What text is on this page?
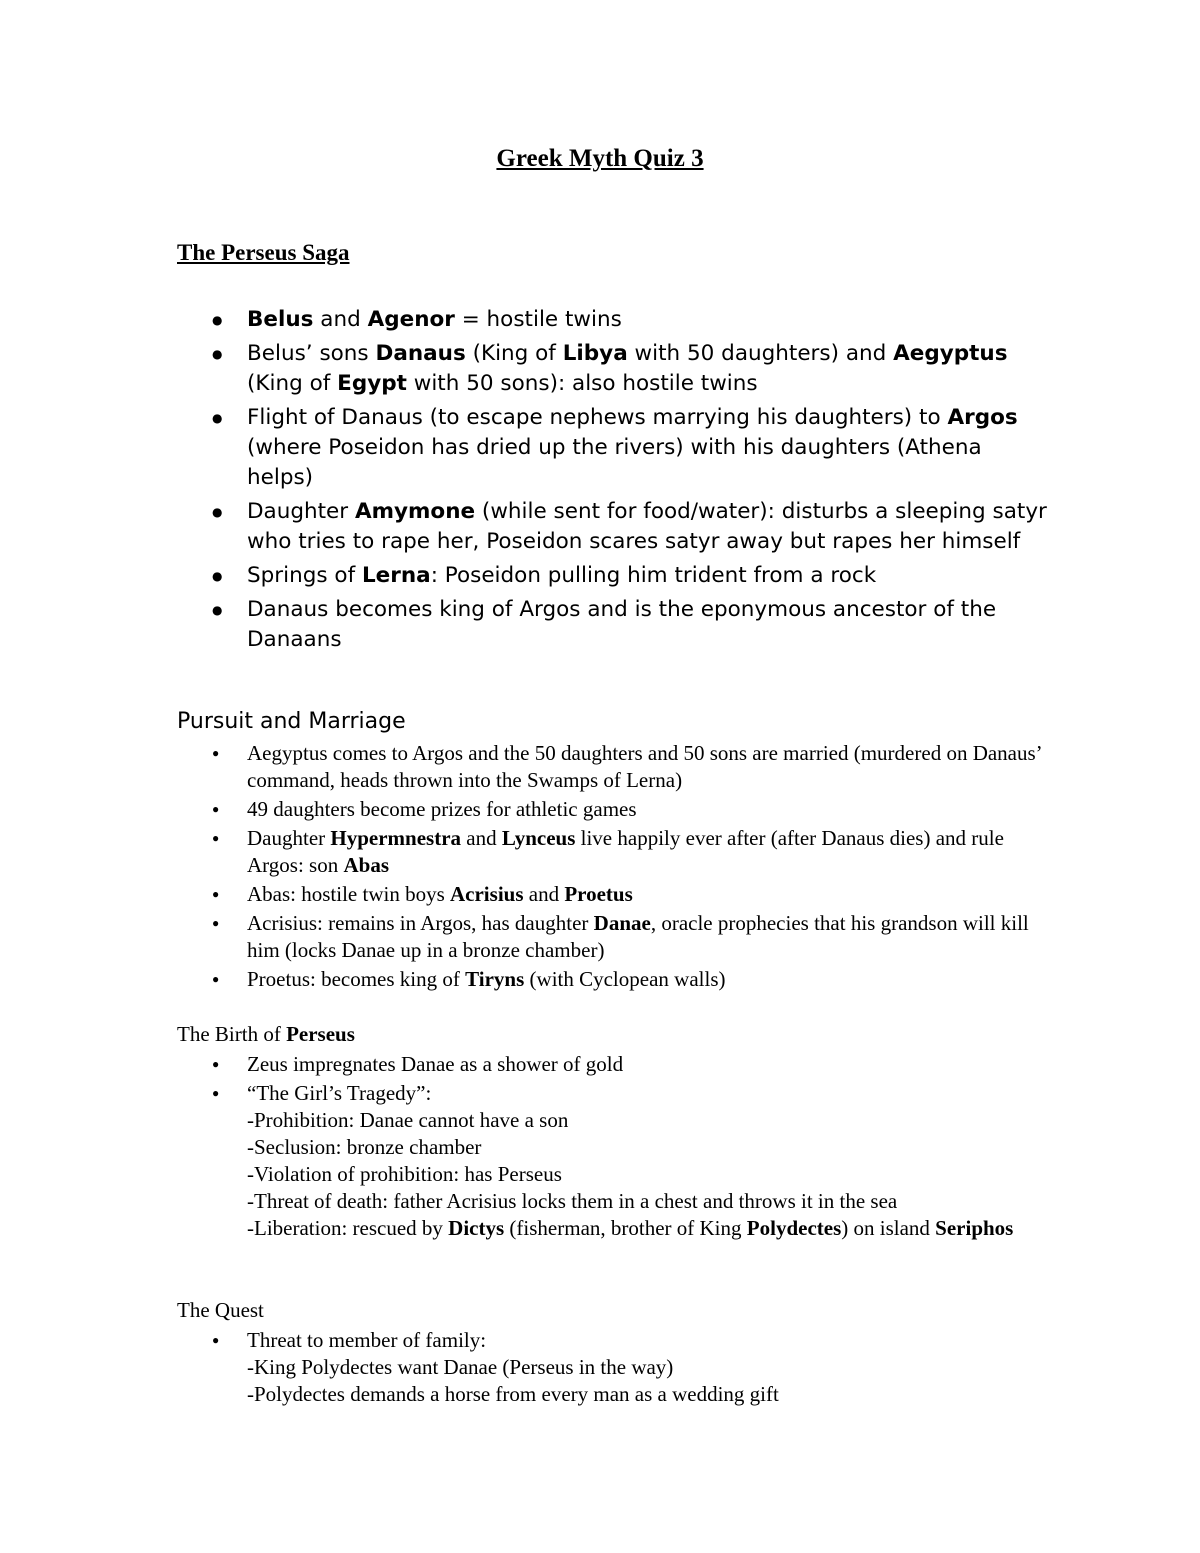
Greek Myth Quiz 3
The Perseus Saga
● Belus and Agenor = hostile twins
● Belus’ sons Danaus (King of Libya with 50 daughters) and Aegyptus (King of Egypt with 50 sons): also hostile twins
● Flight of Danaus (to escape nephews marrying his daughters) to Argos (where Poseidon has dried up the rivers) with his daughters (Athena helps)
● Daughter Amymone (while sent for food/water): disturbs a sleeping satyr who tries to rape her, Poseidon scares satyr away but rapes her himself
● Springs of Lerna: Poseidon pulling him trident from a rock
● Danaus becomes king of Argos and is the eponymous ancestor of the Danaans
Pursuit and Marriage
● Aegyptus comes to Argos and the 50 daughters and 50 sons are married (murdered on Danaus’ command, heads thrown into the Swamps of Lerna)
● 49 daughters become prizes for athletic games
● Daughter Hypermnestra and Lynceus live happily ever after (after Danaus dies) and rule Argos: son Abas
● Abas: hostile twin boys Acrisius and Proetus
● Acrisius: remains in Argos, has daughter Danae, oracle prophecies that his grandson will kill him (locks Danae up in a bronze chamber)
● Proetus: becomes king of Tiryns (with Cyclopean walls)
The Birth of Perseus
● Zeus impregnates Danae as a shower of gold
● “The Girl’s Tragedy”:
-Prohibition: Danae cannot have a son
-Seclusion: bronze chamber
-Violation of prohibition: has Perseus
-Threat of death: father Acrisius locks them in a chest and throws it in the sea
-Liberation: rescued by Dictys (fisherman, brother of King Polydectes) on island Seriphos
The Quest
● Threat to member of family:
-King Polydectes want Danae (Perseus in the way)
-Polydectes demands a horse from every man as a wedding gift
